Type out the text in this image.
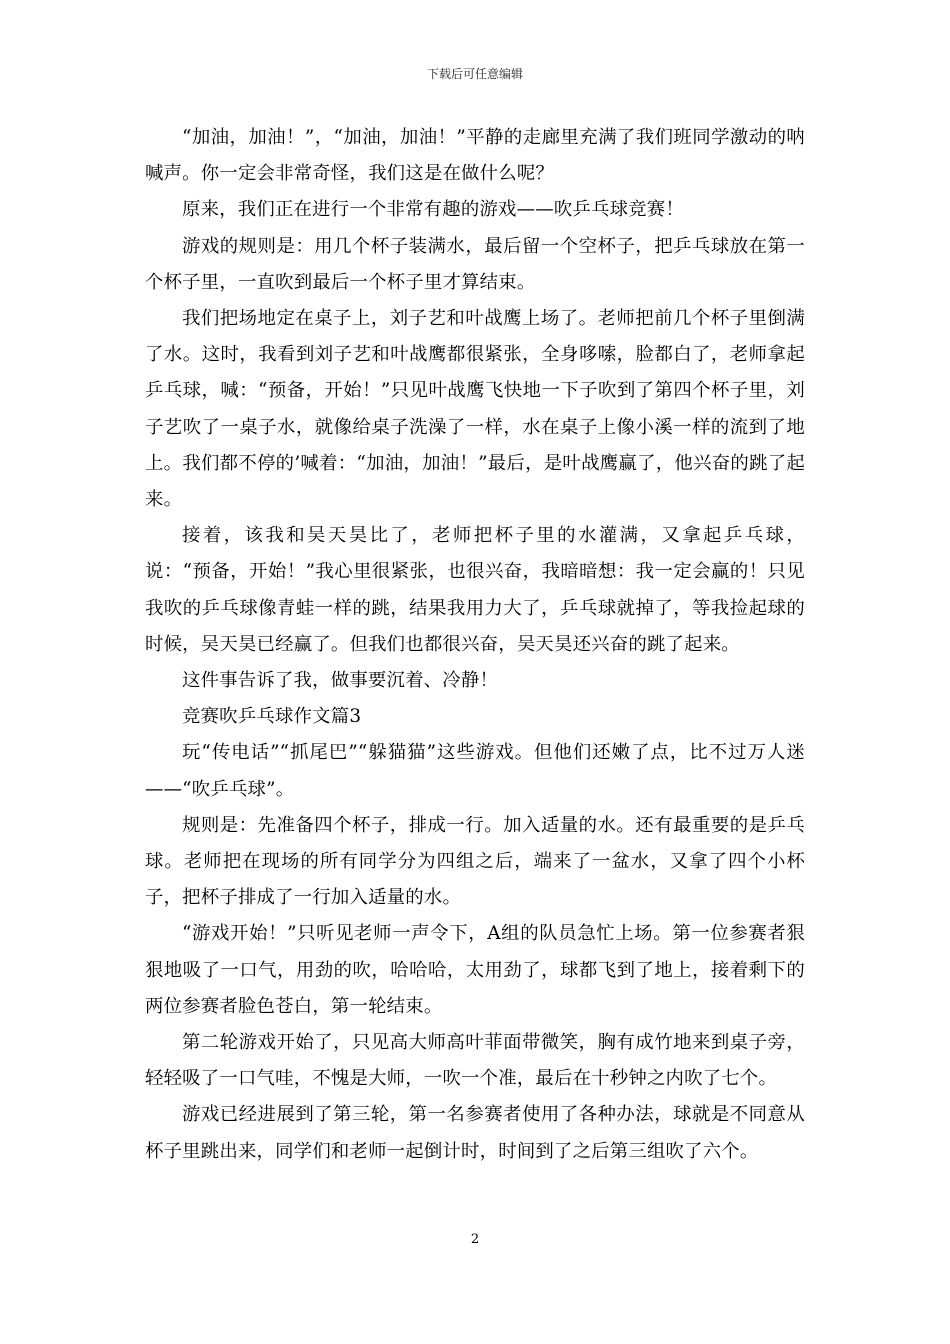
下载后可任意编辑

“加油，加油！”，“加油，加油！”平静的走廊里充满了我们班同学激动的呐喊声。你一定会非常奇怪，我们这是在做什么呢？

原来，我们正在进行一个非常有趣的游戏——吹乒乓球竞赛！

游戏的规则是：用几个杯子装满水，最后留一个空杯子，把乒乓球放在第一个杯子里，一直吹到最后一个杯子里才算结束。

我们把场地定在桌子上，刘子艺和叶战鹰上场了。老师把前几个杯子里倒满了水。这时，我看到刘子艺和叶战鹰都很紧张，全身哆嗦，脸都白了，老师拿起乒乓球，喊：“预备，开始！”只见叶战鹰飞快地一下子吹到了第四个杯子里，刘子艺吹了一桌子水，就像给桌子洗澡了一样，水在桌子上像小溪一样的流到了地上。我们都不停的’喊着：“加油，加油！”最后，是叶战鹰赢了，他兴奋的跳了起来。

接着，该我和吴天昊比了，老师把杯子里的水灌满，又拿起乒乓球，说：“预备，开始！”我心里很紧张，也很兴奋，我暗暗想：我一定会赢的！只见我吹的乒乓球像青蛙一样的跳，结果我用力大了，乒乓球就掉了，等我捡起球的时候，吴天昊已经赢了。但我们也都很兴奋，吴天昊还兴奋的跳了起来。

这件事告诉了我，做事要沉着、冷静！

竞赛吹乒乓球作文篇3

玩“传电话”“抓尾巴”“躲猫猫”这些游戏。但他们还嫩了点，比不过万人迷——“吹乒乓球”。

规则是：先准备四个杯子，排成一行。加入适量的水。还有最重要的是乒乓球。老师把在现场的所有同学分为四组之后，端来了一盆水，又拿了四个小杯子，把杯子排成了一行加入适量的水。

“游戏开始！”只听见老师一声令下，A组的队员急忙上场。第一位参赛者狠狠地吸了一口气，用劲的吹，哈哈哈，太用劲了，球都飞到了地上，接着剩下的两位参赛者脸色苍白，第一轮结束。

第二轮游戏开始了，只见高大师高叶菲面带微笑，胸有成竹地来到桌子旁，轻轻吸了一口气哇，不愧是大师，一吹一个准，最后在十秒钟之内吹了七个。

游戏已经进展到了第三轮，第一名参赛者使用了各种办法，球就是不同意从杯子里跳出来，同学们和老师一起倒计时，时间到了之后第三组吹了六个。

2
